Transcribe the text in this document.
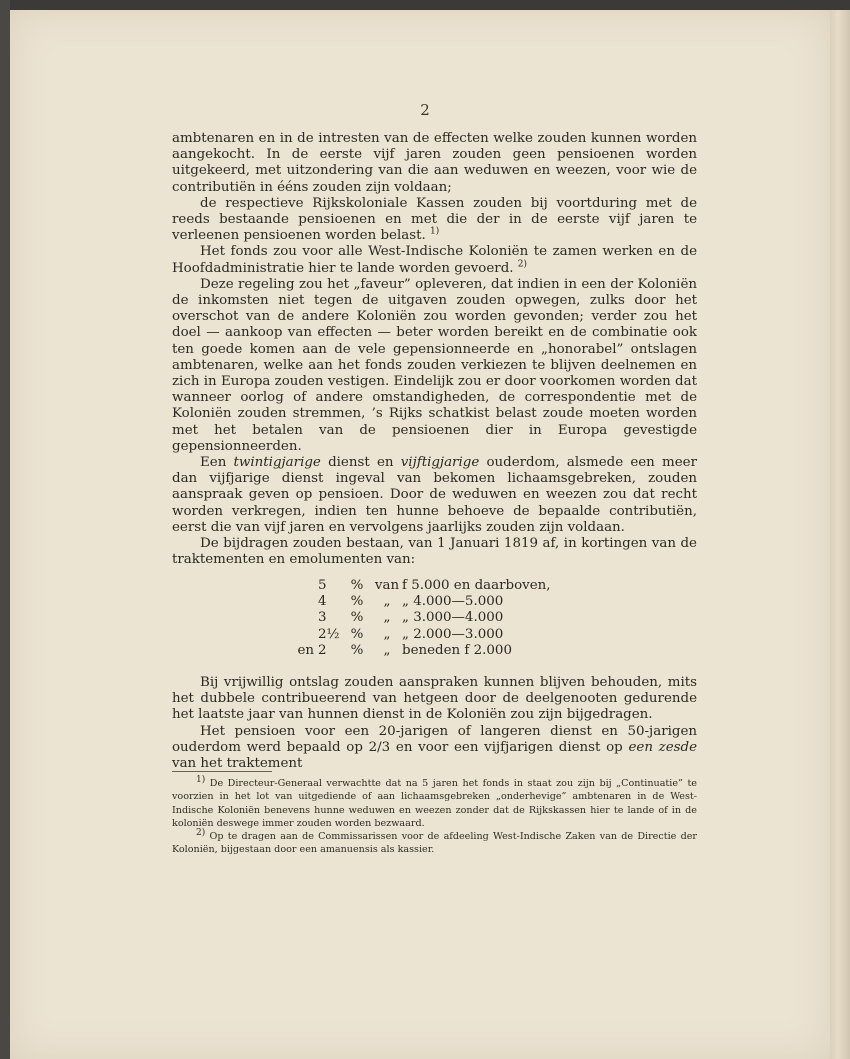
2

ambtenaren en in de intresten van de effecten welke zouden kunnen worden aangekocht. In de eerste vijf jaren zouden geen pensioenen worden uitgekeerd, met uitzondering van die aan weduwen en weezen, voor wie de contributiën in ééns zouden zijn voldaan;

de respectieve Rijkskoloniale Kassen zouden bij voortduring met de reeds bestaande pensioenen en met die der in de eerste vijf jaren te verleenen pensioenen worden belast. $^{1)}$

Het fonds zou voor alle West-Indische Koloniën te zamen werken en de Hoofdadministratie hier te lande worden gevoerd. $^{2)}$

Deze regeling zou het „faveur” opleveren, dat indien in een der Koloniën de inkomsten niet tegen de uitgaven zouden opwegen, zulks door het overschot van de andere Koloniën zou worden gevonden; verder zou het doel — aankoop van effecten — beter worden bereikt en de combinatie ook ten goede komen aan de vele gepensionneerde en „honorabel” ontslagen ambtenaren, welke aan het fonds zouden verkiezen te blijven deelnemen en zich in Europa zouden vestigen. Eindelijk zou er door voorkomen worden dat wanneer oorlog of andere omstandigheden, de correspondentie met de Koloniën zouden stremmen, ’s Rijks schatkist belast zoude moeten worden met het betalen van de pensioenen dier in Europa gevestigde gepensionneerden.

Een twintigjarige dienst en vijftigjarige ouderdom, alsmede een meer dan vijfjarige dienst ingeval van bekomen lichaamsgebreken, zouden aanspraak geven op pensioen. Door de weduwen en weezen zou dat recht worden verkregen, indien ten hunne behoeve de bepaalde contributiën, eerst die van vijf jaren en vervolgens jaarlijks zouden zijn voldaan.

De bijdragen zouden bestaan, van 1 Januari 1819 af, in kortingen van de traktementen en emolumenten van:

5	% van f 5.000 en daarboven,
4	%	„ „ 4.000—5.000
3	%	„ „ 3.000—4.000
2½ %	„ „ 2.000—3.000
en 2	%	„ beneden f 2.000

Bij vrijwillig ontslag zouden aanspraken kunnen blijven behouden, mits het dubbele contribueerend van hetgeen door de deelgenooten gedurende het laatste jaar van hunnen dienst in de Koloniën zou zijn bijgedragen.

Het pensioen voor een 20-jarigen of langeren dienst en 50-jarigen ouderdom werd bepaald op 2/3 en voor een vijfjarigen dienst op een zesde van het traktement

1) De Directeur-Generaal verwachtte dat na 5 jaren het fonds in staat zou zijn bij „Continuatie” te voorzien in het lot van uitgediende of aan lichaamsgebreken „onderhevige” ambtenaren in de West-Indische Koloniën benevens hunne weduwen en weezen zonder dat de Rijkskassen hier te lande of in de koloniën deswege immer zouden worden bezwaard.

2) Op te dragen aan de Commissarissen voor de afdeeling West-Indische Zaken van de Directie der Koloniën, bijgestaan door een amanuensis als kassier.
